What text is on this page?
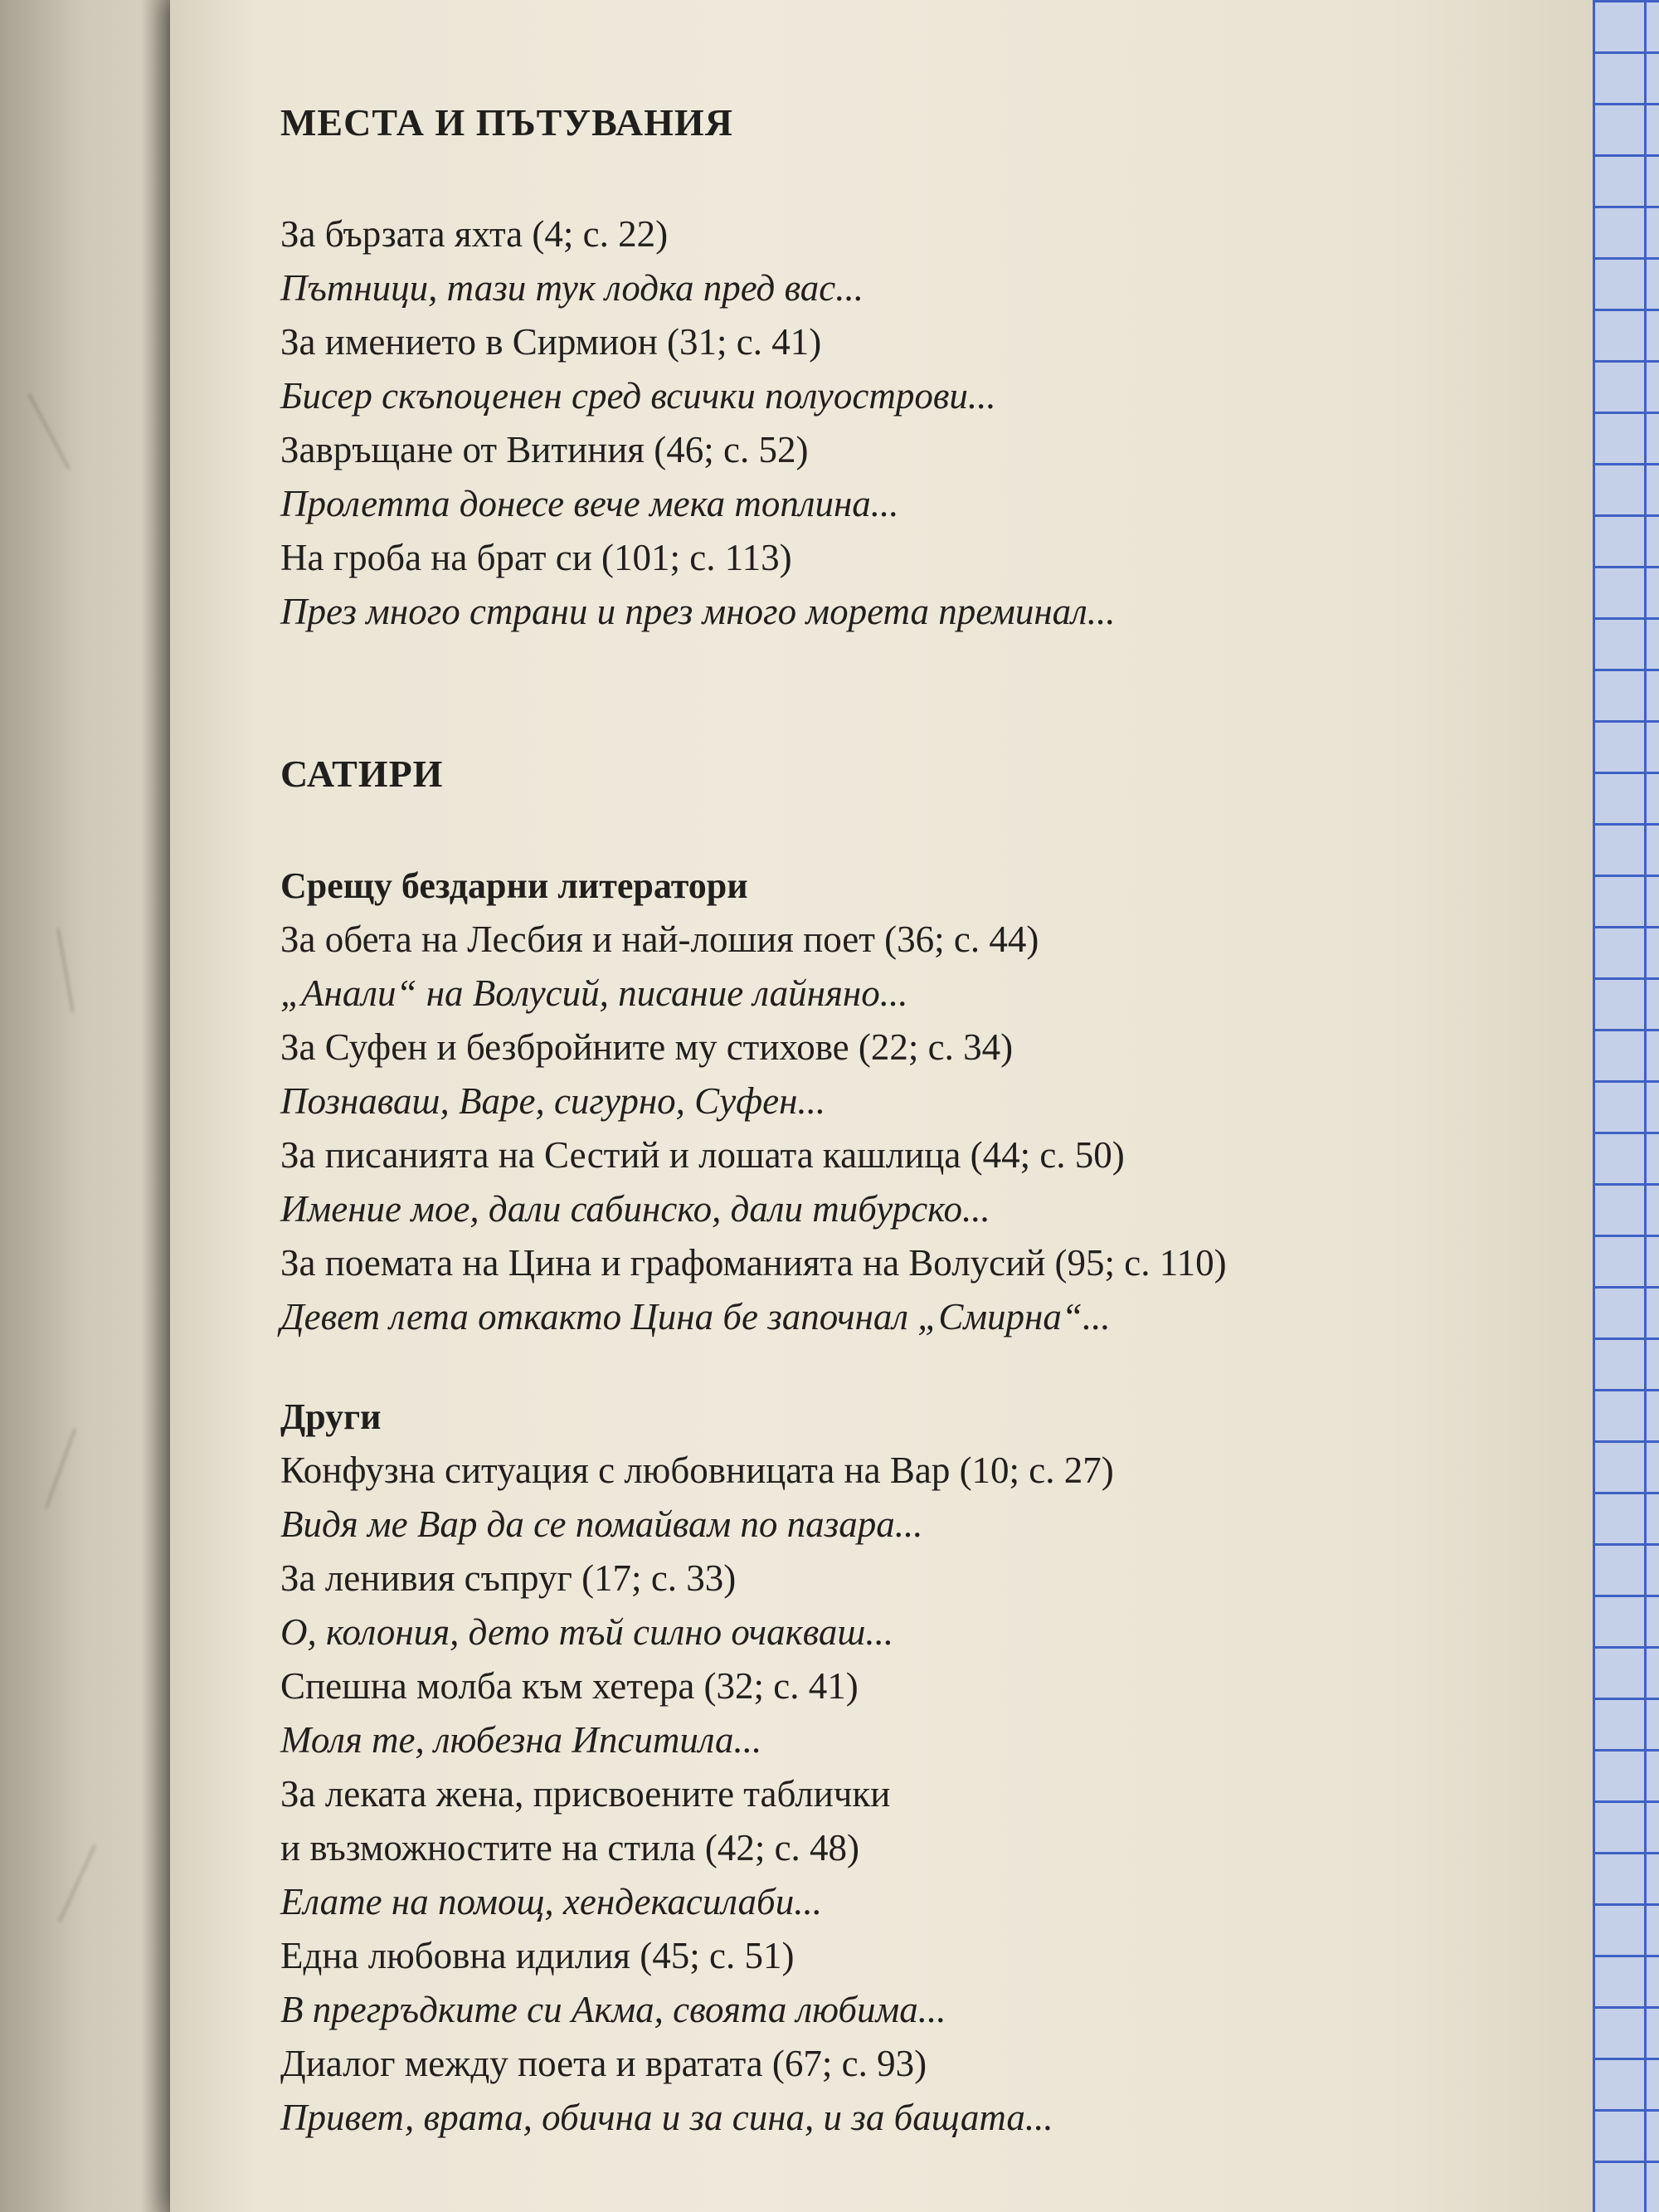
———
———
———
———
МЕСТА И ПЪТУВАНИЯ

За бързата яхта (4; с. 22)

Пътници, тази тук лодка пред вас...

За имението в Сирмион (31; с. 41)

Бисер скъпоценен сред всички полуострови...

Завръщане от Витиния (46; с. 52)

Пролетта донесе вече мека топлина...

На гроба на брат си (101; с. 113)

През много страни и през много морета преминал...

САТИРИ
Срещу бездарни литератори

За обета на Лесбия и най-лошия поет (36; с. 44)

„Анали“ на Волусий, писание лайняно...

За Суфен и безбройните му стихове (22; с. 34)

Познаваш, Варе, сигурно, Суфен...

За писанията на Сестий и лошата кашлица (44; с. 50)

Имение мое, дали сабинско, дали тибурско...

За поемата на Цина и графоманията на Волусий (95; с. 110)

Девет лета откакто Цина бе започнал „Смирна“...

Други

Конфузна ситуация с любовницата на Вар (10; с. 27)

Видя ме Вар да се помайвам по пазара...

За ленивия съпруг (17; с. 33)

О, колония, дето тъй силно очакваш...

Спешна молба към хетера (32; с. 41)

Моля те, любезна Ипситила...

За леката жена, присвоените таблички

и възможностите на стила (42; с. 48)

Елате на помощ, хендекасилаби...

Една любовна идилия (45; с. 51)

В прегръдките си Акма, своята любима...

Диалог между поета и вратата (67; с. 93)

Привет, врата, обична и за сина, и за бащата...
